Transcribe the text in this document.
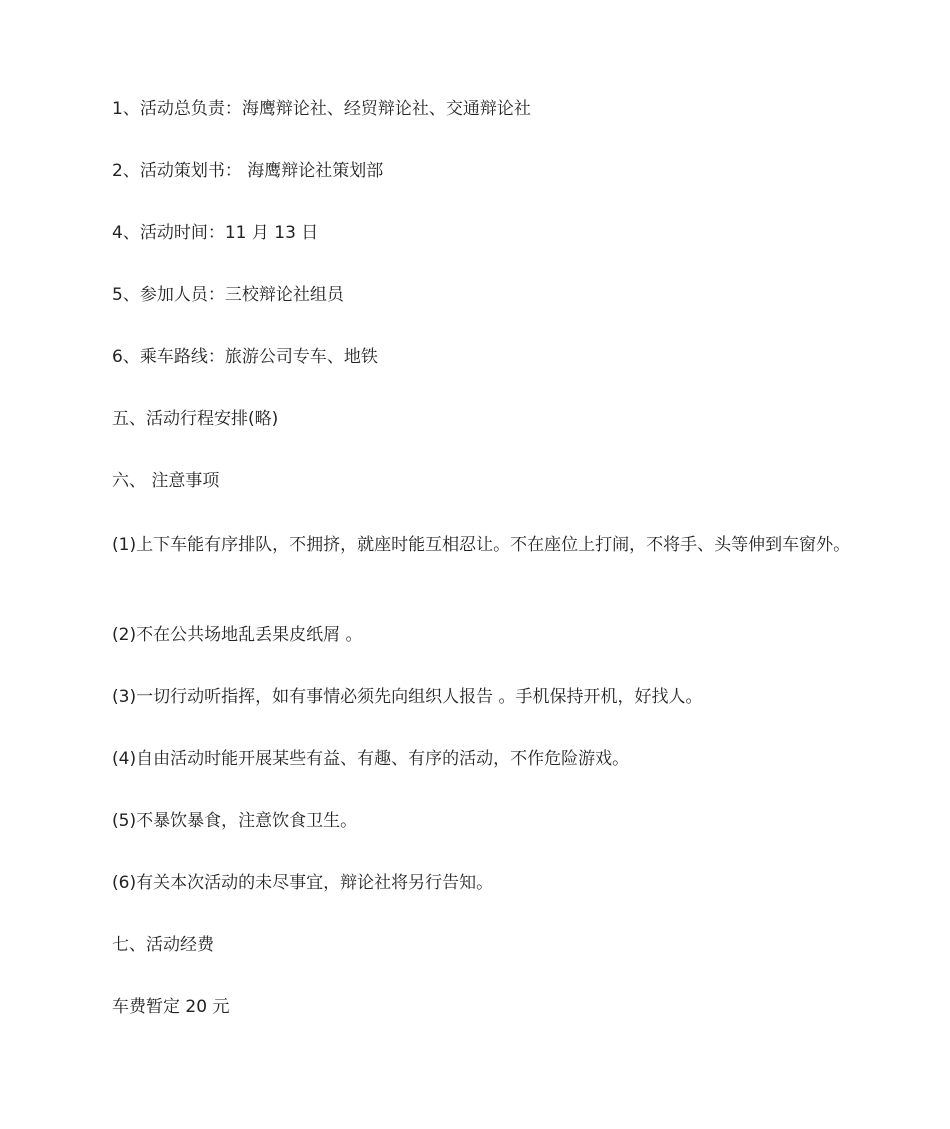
1、活动总负责：海鹰辩论社、经贸辩论社、交通辩论社

2、活动策划书： 海鹰辩论社策划部

4、活动时间：11 月 13 日

5、参加人员：三校辩论社组员

6、乘车路线：旅游公司专车、地铁

五、活动行程安排(略)

六、 注意事项

(1)上下车能有序排队，不拥挤，就座时能互相忍让。不在座位上打闹，不将手、头等伸到车窗外。

(2)不在公共场地乱丢果皮纸屑 。

(3)一切行动听指挥，如有事情必须先向组织人报告 。手机保持开机，好找人。

(4)自由活动时能开展某些有益、有趣、有序的活动，不作危险游戏。

(5)不暴饮暴食，注意饮食卫生。

(6)有关本次活动的未尽事宜，辩论社将另行告知。

七、活动经费

车费暂定 20 元
